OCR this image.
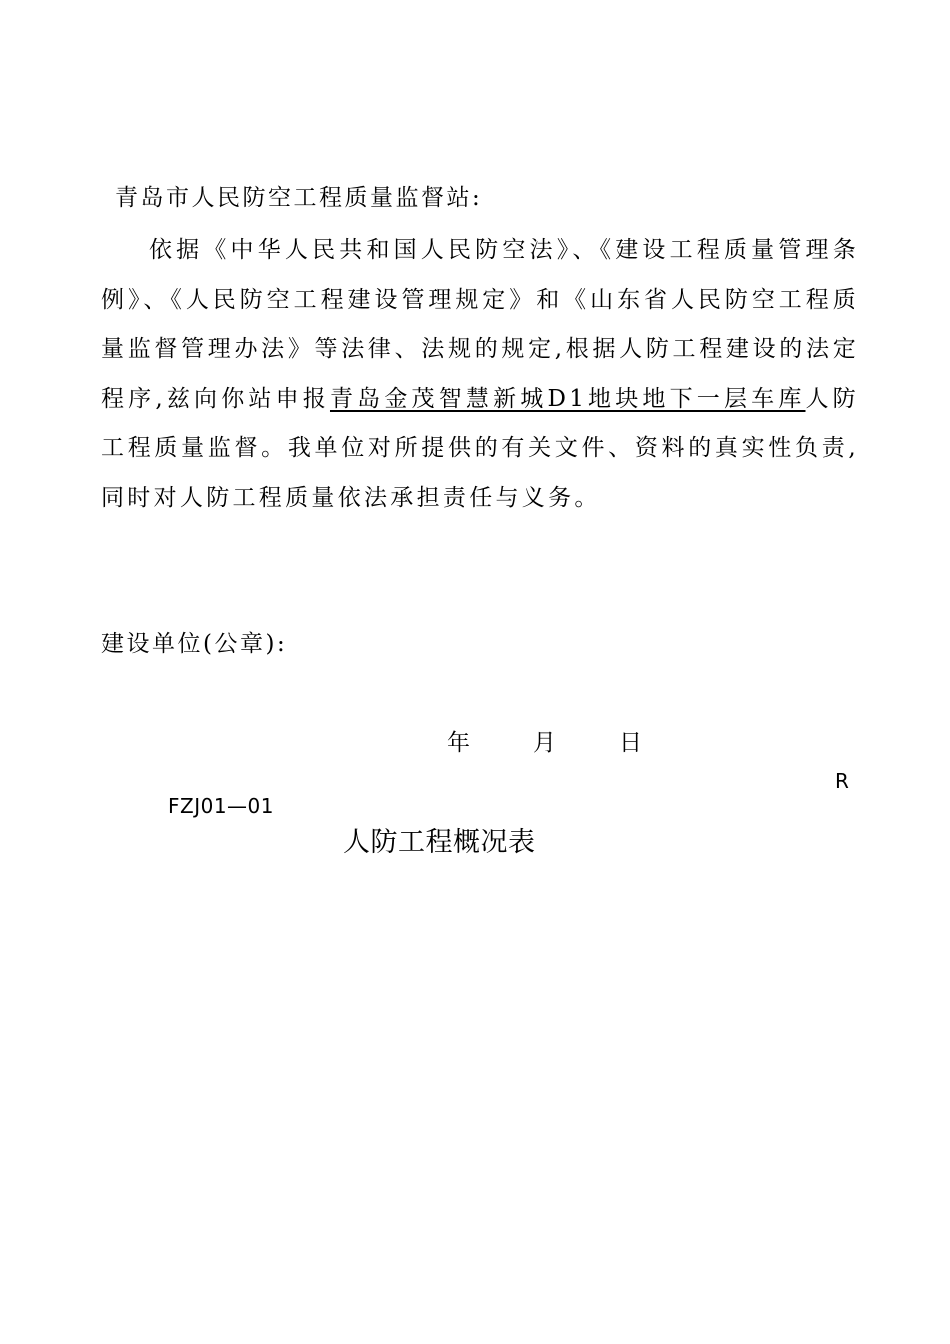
青岛市人民防空工程质量监督站:

依据《中华人民共和国人民防空法》、《建设工程质量管理条例》、《人民防空工程建设管理规定》和《山东省人民防空工程质量监督管理办法》等法律、法规的规定,根据人防工程建设的法定程序,兹向你站申报青岛金茂智慧新城D1地块地下一层车库人防工程质量监督。我单位对所提供的有关文件、资料的真实性负责,同时对人防工程质量依法承担责任与义务。

建设单位(公章):
年	月	日
R
FZJ01—01
人防工程概况表
